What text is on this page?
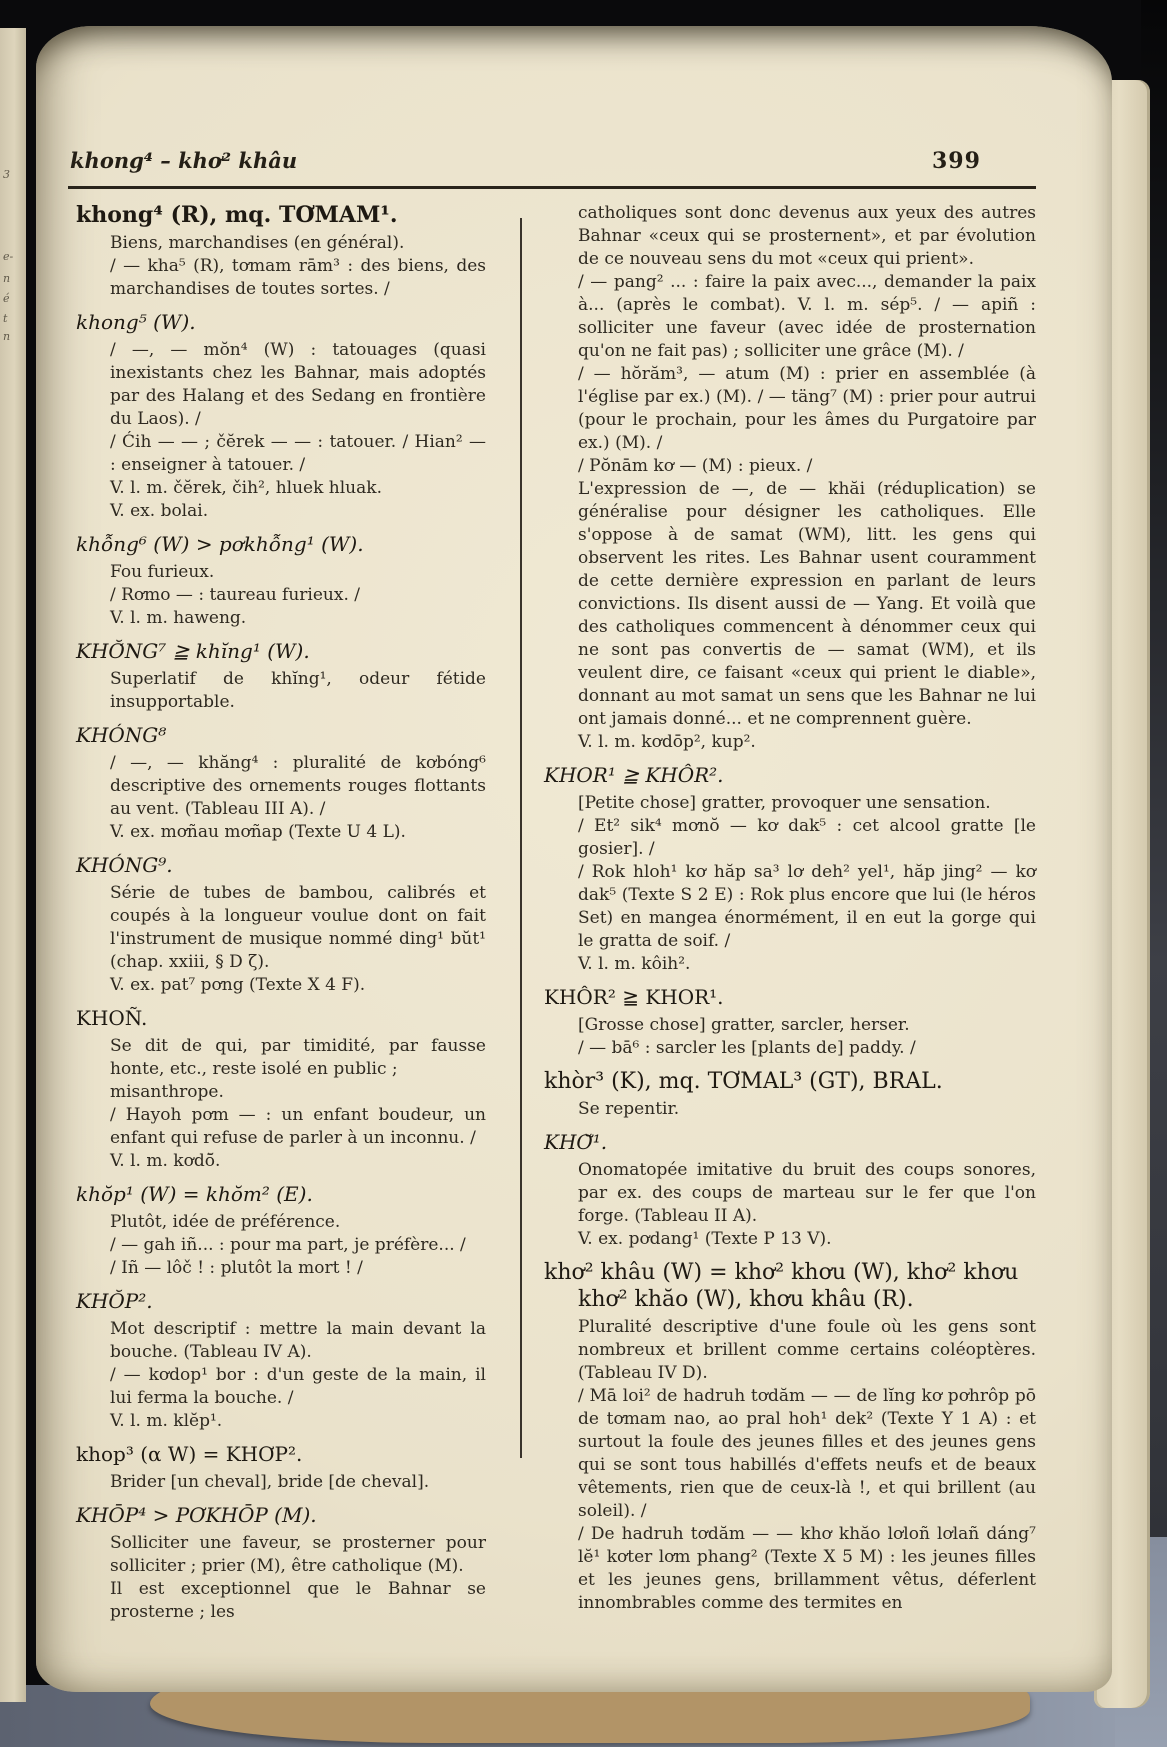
3
e-
n
é
t
n
khong⁴ – khơ² khâu	399
khong⁴ (R), mq. TƠMAM¹.

Biens, marchandises (en général).

/ — kha⁵ (R), tơmam rām³ : des biens, des marchandises de toutes sortes. /

khong⁵ (W).

/ —, — mŏn⁴ (W) : tatouages (quasi inexistants chez les Bahnar, mais adoptés par des Halang et des Sedang en frontière du Laos). /

/ Ćih — — ; čĕrek — — : tatouer. / Hian² — : enseigner à tatouer. /

V. l. m. čĕrek, čih², hluek hluak.

V. ex. bolai.

khỗng⁶ (W) > pơkhỗng¹ (W).

Fou furieux.

/ Rơmo — : taureau furieux. /

V. l. m. haweng.

KHŎ́NG⁷ ≧ khĭng¹ (W).

Superlatif de khĭng¹, odeur fétide insupportable.

KHÓNG⁸

/ —, — khăng⁴ : pluralité de kơbóng⁶ descriptive des ornements rouges flottants au vent. (Tableau III A). /

V. ex. mơñau mơñap (Texte U 4 L).

KHÓNG⁹.

Série de tubes de bambou, calibrés et coupés à la longueur voulue dont on fait l'instrument de musique nommé ding¹ bŭt¹ (chap. xxiii, § D ζ).

V. ex. pat⁷ pơng (Texte X 4 F).

KHOÑ.

Se dit de qui, par timidité, par fausse honte, etc., reste isolé en public ;

misanthrope.

/ Hayoh pơm — : un enfant boudeur, un enfant qui refuse de parler à un inconnu. /

V. l. m. kơdō̆.

khŏp¹ (W) = khŏm² (E).

Plutôt, idée de préférence.

/ — gah iñ... : pour ma part, je préfère... /

/ Iñ — lôč ! : plutôt la mort ! /

KHŎP².

Mot descriptif : mettre la main devant la bouche. (Tableau IV A).

/ — kơdop¹ bor : d'un geste de la main, il lui ferma la bouche. /

V. l. m. klĕp¹.

khop³ (α W) = KHƠP².

Brider [un cheval], bride [de cheval].

KHŌP⁴ > PƠKHŌP (M).

Solliciter une faveur, se prosterner pour solliciter ; prier (M), être catholique (M).

Il est exceptionnel que le Bahnar se prosterne ; les

catholiques sont donc devenus aux yeux des autres Bahnar «ceux qui se prosternent», et par évolution de ce nouveau sens du mot «ceux qui prient».

/ — pang² ... : faire la paix avec..., demander la paix à... (après le combat). V. l. m. sép⁵. / — apiñ : solliciter une faveur (avec idée de prosternation qu'on ne fait pas) ; solliciter une grâce (M). /

/ — hŏrăm³, — atum (M) : prier en assemblée (à l'église par ex.) (M). / — täng⁷ (M) : prier pour autrui (pour le prochain, pour les âmes du Purgatoire par ex.) (M). /

/ Pŏnām kơ — (M) : pieux. /

L'expression de —, de — khăi (réduplication) se généralise pour désigner les catholiques. Elle s'oppose à de samat (WM), litt. les gens qui observent les rites. Les Bahnar usent couramment de cette dernière expression en parlant de leurs convictions. Ils disent aussi de — Yang. Et voilà que des catholiques commencent à dénommer ceux qui ne sont pas convertis de — samat (WM), et ils veulent dire, ce faisant «ceux qui prient le diable», donnant au mot samat un sens que les Bahnar ne lui ont jamais donné... et ne comprennent guère.

V. l. m. kơdōp², kup².

KHOR¹ ≧ KHÔR².

[Petite chose] gratter, provoquer une sensation.

/ Et² sik⁴ mơnŏ — kơ dak⁵ : cet alcool gratte [le gosier]. /

/ Rok hloh¹ kơ hăp sa³ lơ deh² yel¹, hăp jing² — kơ dak⁵ (Texte S 2 E) : Rok plus encore que lui (le héros Set) en mangea énormément, il en eut la gorge qui le gratta de soif. /

V. l. m. kôih².

KHÔR² ≧ KHOR¹.

[Grosse chose] gratter, sarcler, herser.

/ — bā⁶ : sarcler les [plants de] paddy. /

khòr³ (K), mq. TƠMAL³ (GT), BRAL.

Se repentir.

KHƠ̆¹.

Onomatopée imitative du bruit des coups sonores, par ex. des coups de marteau sur le fer que l'on forge. (Tableau II A).

V. ex. pơdang¹ (Texte P 13 V).

khơ² khâu (W) = khơ² khơu (W), khơ² khơu khơ² khăo (W), khơu khâu (R).

Pluralité descriptive d'une foule où les gens sont nombreux et brillent comme certains coléoptères. (Tableau IV D).

/ Mā loi² de hadruh tơdăm — — de lĭng kơ pơhrôp pō de tơmam nao, ao pral hoh¹ dek² (Texte Y 1 A) : et surtout la foule des jeunes filles et des jeunes gens qui se sont tous habillés d'effets neufs et de beaux vêtements, rien que de ceux-là !, et qui brillent (au soleil). /

/ De hadruh tơdăm — — khơ khăo lơloñ lơlañ dáng⁷ lĕ¹ kơter lơm phang² (Texte X 5 M) : les jeunes filles et les jeunes gens, brillamment vêtus, déferlent innombrables comme des termites en
